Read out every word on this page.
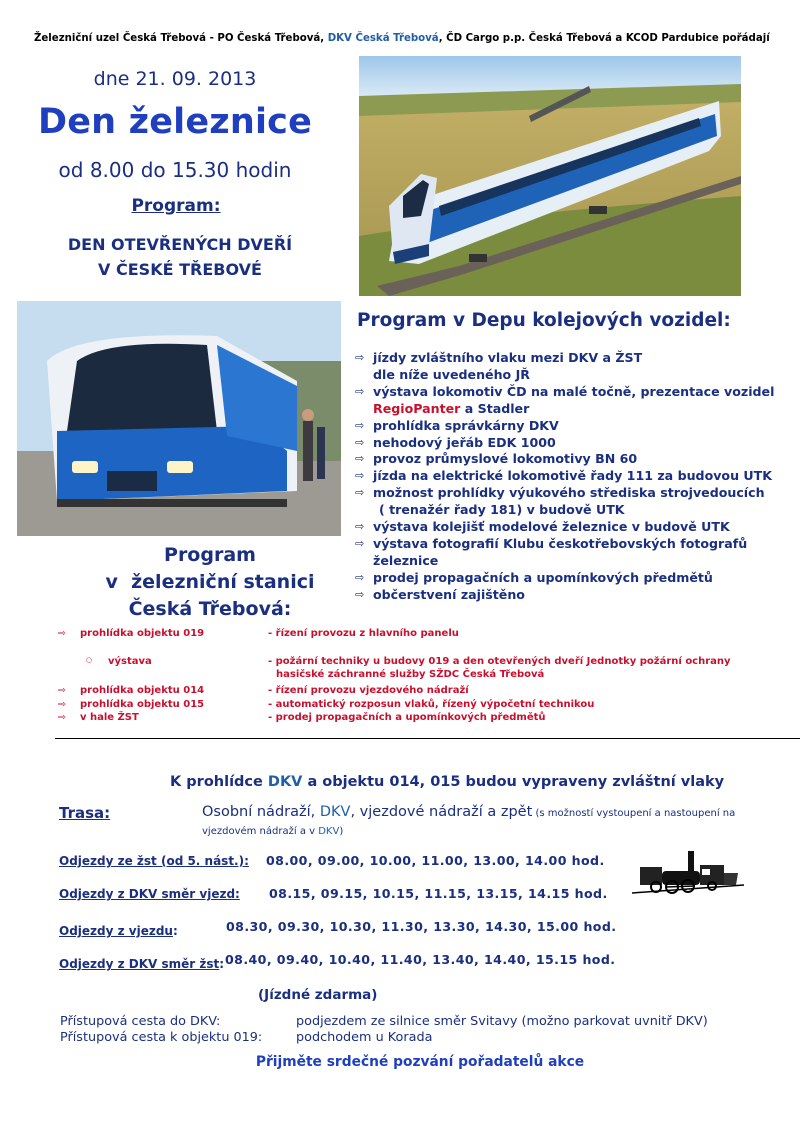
Železniční uzel Česká Třebová - PO Česká Třebová, DKV Česká Třebová, ČD Cargo p.p. Česká Třebová a KCOD Pardubice pořádají
dne 21. 09. 2013
Den železnice
od 8.00 do 15.30 hodin
Program:
DEN OTEVŘENÝCH DVEŘÍ
V ČESKÉ TŘEBOVÉ
Program v Depu kolejových vozidel:
⇨ jízdy zvláštního vlaku mezi DKV a ŽST
dle níže uvedeného JŘ
⇨ výstava lokomotiv ČD na malé točně, prezentace vozidel
RegioPanter a Stadler
⇨ prohlídka správkárny DKV
⇨ nehodový jeřáb EDK 1000
⇨ provoz průmyslové lokomotivy BN 60
⇨ jízda na elektrické lokomotivě řady 111 za budovou UTK
⇨ možnost prohlídky výukového střediska strojvedoucích
( trenažér řady 181) v budově UTK
⇨ výstava kolejišť modelové železnice v budově UTK
⇨ výstava fotografií Klubu českotřebovských fotografů
železnice
⇨ prodej propagačních a upomínkových předmětů
⇨ občerstvení zajištěno
Program
v  železniční stanici
Česká Třebová:
⇨ prohlídka objektu 019	- řízení provozu z hlavního panelu
○ výstava	- požární techniky u budovy 019 a den otevřených dveří Jednotky požární ochrany
hasičské záchranné služby SŽDC Česká Třebová
⇨ prohlídka objektu 014	- řízení provozu vjezdového nádraží
⇨ prohlídka objektu 015	- automatický rozposun vlaků, řízený výpočetní technikou
⇨ v hale ŽST	- prodej propagačních a upomínkových předmětů
K prohlídce DKV a objektu 014, 015 budou vypraveny zvláštní vlaky
Trasa:	Osobní nádraží, DKV, vjezdové nádraží a zpět (s možností vystoupení a nastoupení na vjezdovém nádraží a v DKV)
Odjezdy ze žst (od 5. nást.): 08.00, 09.00, 10.00, 11.00, 13.00, 14.00 hod.
Odjezdy z DKV směr vjezd: 08.15, 09.15, 10.15, 11.15, 13.15, 14.15 hod.
Odjezdy z vjezdu:	08.30, 09.30, 10.30, 11.30, 13.30, 14.30, 15.00 hod.
Odjezdy z DKV směr žst: 08.40, 09.40, 10.40, 11.40, 13.40, 14.40, 15.15 hod.
(Jízdné zdarma)
Přístupová cesta do DKV:	podjezdem ze silnice směr Svitavy (možno parkovat uvnitř DKV)
Přístupová cesta k objektu 019:	podchodem u Korada
Přijměte srdečné pozvání pořadatelů akce
